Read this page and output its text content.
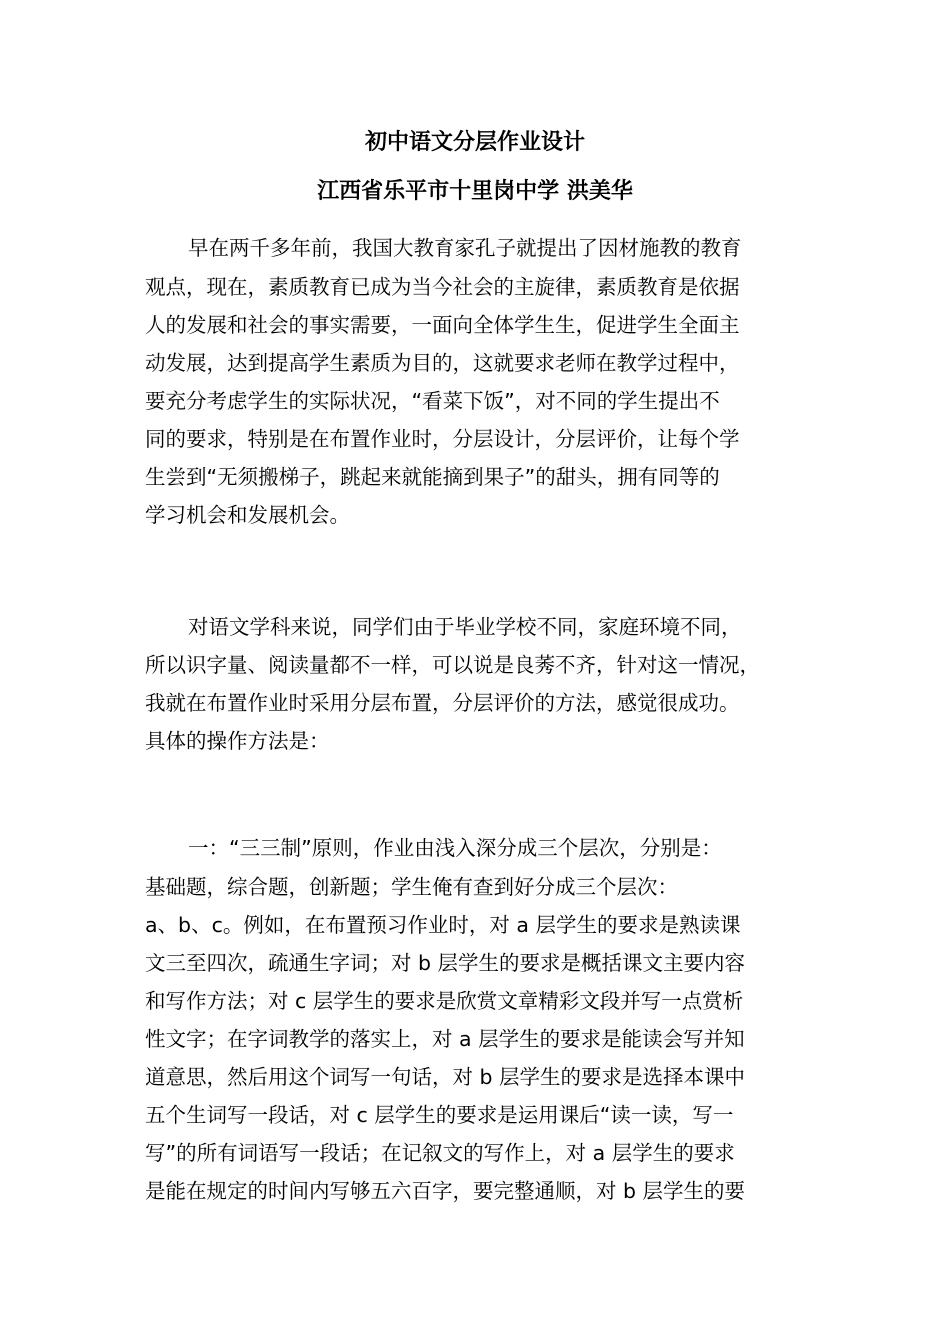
初中语文分层作业设计
江西省乐平市十里岗中学 洪美华
早在两千多年前，我国大教育家孔子就提出了因材施教的教育
观点，现在，素质教育已成为当今社会的主旋律，素质教育是依据
人的发展和社会的事实需要，一面向全体学生生，促进学生全面主
动发展，达到提高学生素质为目的，这就要求老师在教学过程中，
要充分考虑学生的实际状况，“看菜下饭”，对不同的学生提出不
同的要求，特别是在布置作业时，分层设计，分层评价，让每个学
生尝到“无须搬梯子，跳起来就能摘到果子”的甜头，拥有同等的
学习机会和发展机会。
对语文学科来说，同学们由于毕业学校不同，家庭环境不同，
所以识字量、阅读量都不一样，可以说是良莠不齐，针对这一情况，
我就在布置作业时采用分层布置，分层评价的方法，感觉很成功。
具体的操作方法是：
一：“三三制”原则，作业由浅入深分成三个层次，分别是：
基础题，综合题，创新题；学生俺有查到好分成三个层次：
a、b、c。例如，在布置预习作业时，对 a 层学生的要求是熟读课
文三至四次，疏通生字词；对 b 层学生的要求是概括课文主要内容
和写作方法；对 c 层学生的要求是欣赏文章精彩文段并写一点赏析
性文字；在字词教学的落实上，对 a 层学生的要求是能读会写并知
道意思，然后用这个词写一句话，对 b 层学生的要求是选择本课中
五个生词写一段话，对 c 层学生的要求是运用课后“读一读，写一
写”的所有词语写一段话；在记叙文的写作上，对 a 层学生的要求
是能在规定的时间内写够五六百字，要完整通顺，对 b 层学生的要
